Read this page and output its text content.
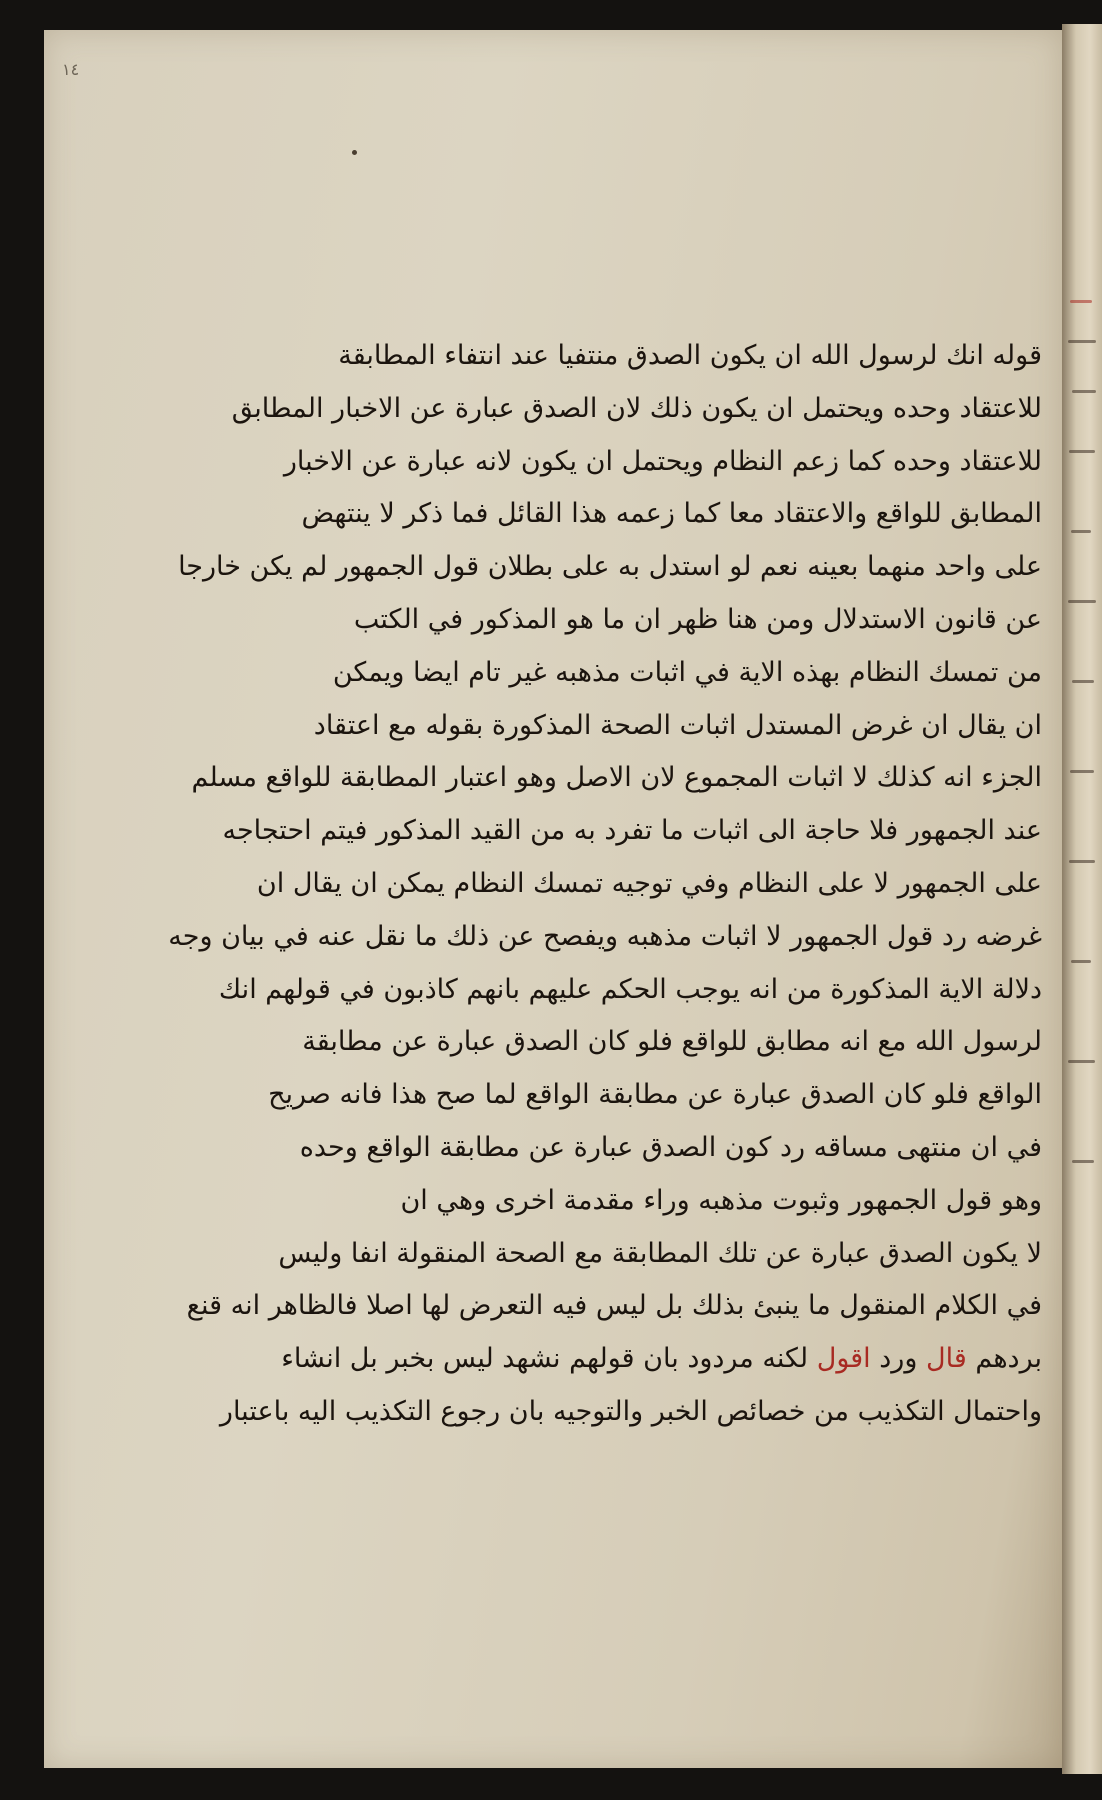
١٤
قوله انك لرسول الله ان يكون الصدق منتفيا عند انتفاء المطابقة
للاعتقاد وحده ويحتمل ان يكون ذلك لان الصدق عبارة عن الاخبار المطابق
للاعتقاد وحده كما زعم النظام ويحتمل ان يكون لانه عبارة عن الاخبار
المطابق للواقع والاعتقاد معا كما زعمه هذا القائل فما ذكر لا ينتهض
على واحد منهما بعينه نعم لو استدل به على بطلان قول الجمهور لم يكن خارجا
عن قانون الاستدلال ومن هنا ظهر ان ما هو المذكور في الكتب
من تمسك النظام بهذه الاية في اثبات مذهبه غير تام ايضا ويمكن
ان يقال ان غرض المستدل اثبات الصحة المذكورة بقوله مع اعتقاد
الجزء انه كذلك لا اثبات المجموع لان الاصل وهو اعتبار المطابقة للواقع مسلم
عند الجمهور فلا حاجة الى اثبات ما تفرد به من القيد المذكور فيتم احتجاجه
على الجمهور لا على النظام وفي توجيه تمسك النظام يمكن ان يقال ان
غرضه رد قول الجمهور لا اثبات مذهبه ويفصح عن ذلك ما نقل عنه في بيان وجه
دلالة الاية المذكورة من انه يوجب الحكم عليهم بانهم كاذبون في قولهم انك
لرسول الله مع انه مطابق للواقع فلو كان الصدق عبارة عن مطابقة
الواقع فلو كان الصدق عبارة عن مطابقة الواقع لما صح هذا فانه صريح
في ان منتهى مساقه رد كون الصدق عبارة عن مطابقة الواقع وحده
وهو قول الجمهور وثبوت مذهبه وراء مقدمة اخرى وهي ان
لا يكون الصدق عبارة عن تلك المطابقة مع الصحة المنقولة انفا وليس
في الكلام المنقول ما ينبئ بذلك بل ليس فيه التعرض لها اصلا فالظاهر انه قنع
بردهم قال ورد اقول لكنه مردود بان قولهم نشهد ليس بخبر بل انشاء
واحتمال التكذيب من خصائص الخبر والتوجيه بان رجوع التكذيب اليه باعتبار
